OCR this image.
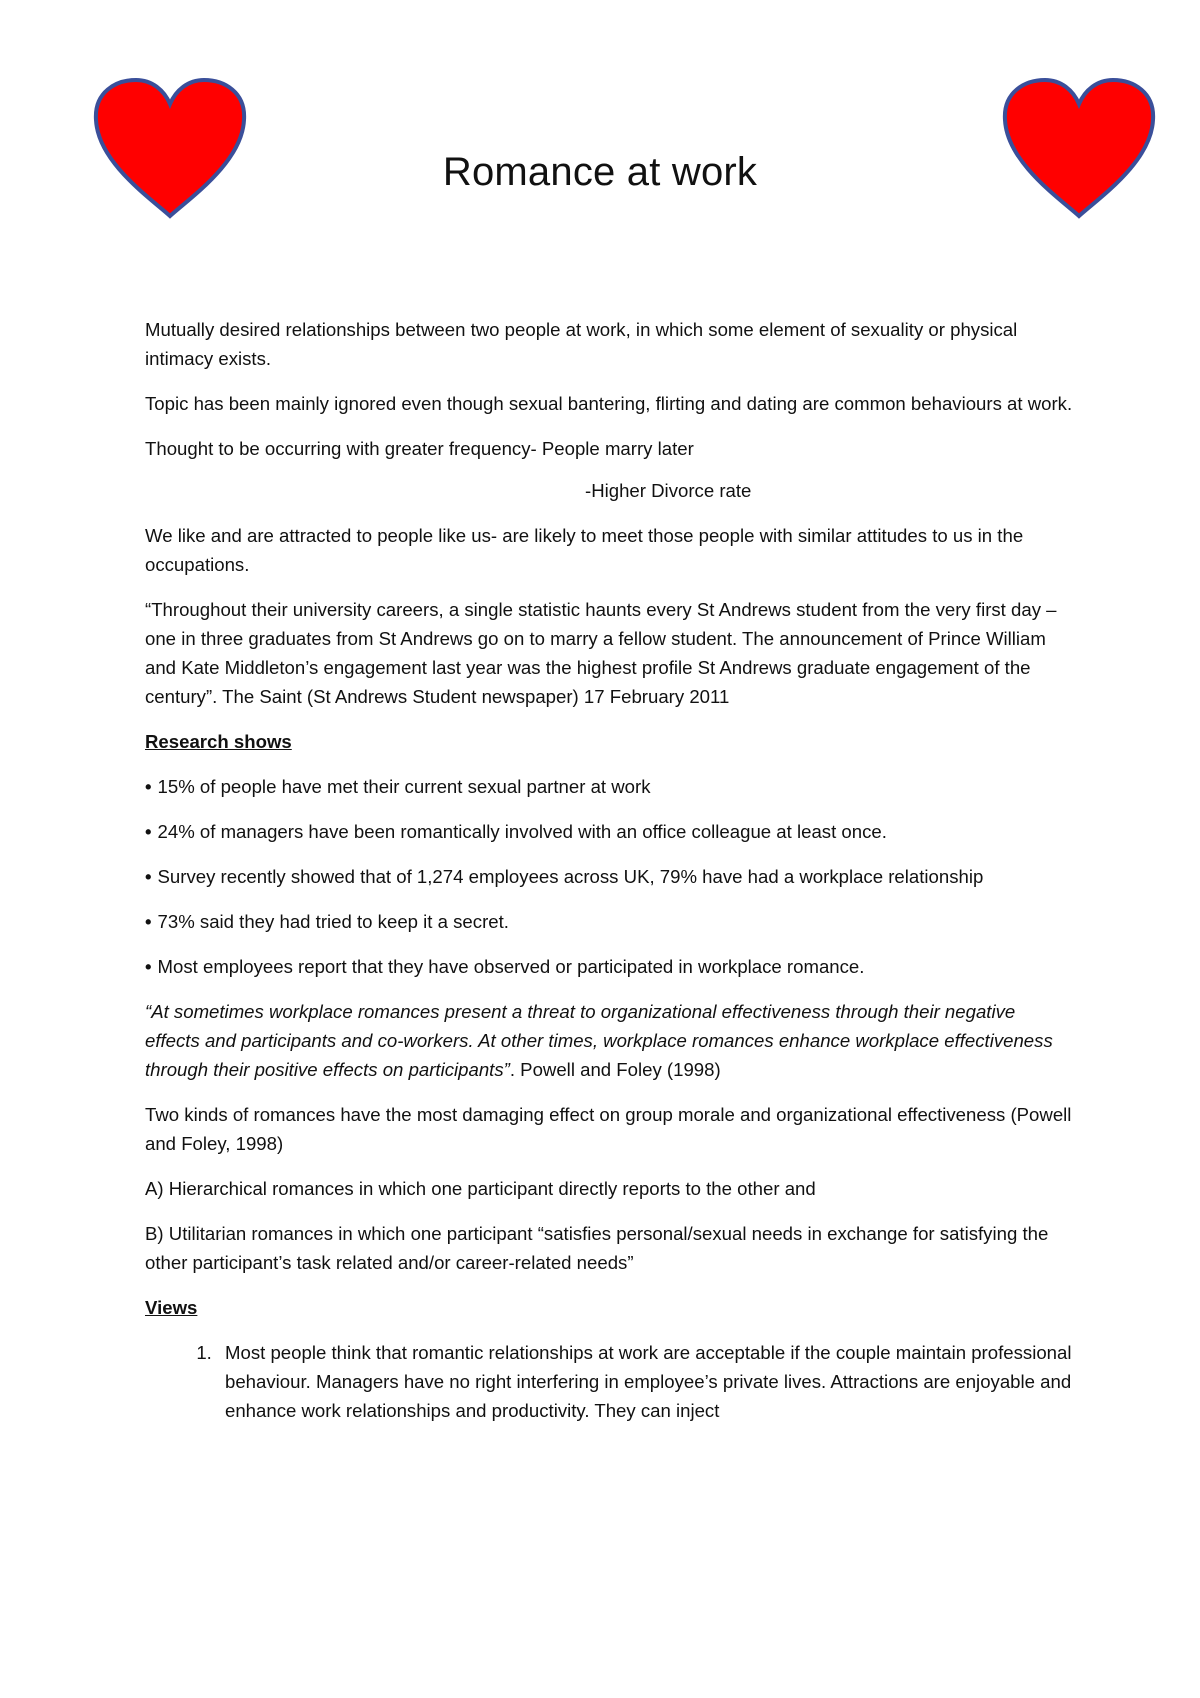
Romance at work

Mutually desired relationships between two people at work, in which some element of sexuality or physical intimacy exists.

Topic has been mainly ignored even though sexual bantering, flirting and dating are common behaviours at work.

Thought to be occurring with greater frequency- People marry later

-Higher Divorce rate

We like and are attracted to people like us- are likely to meet those people with similar attitudes to us in the occupations.

“Throughout their university careers, a single statistic haunts every St Andrews student from the very first day – one in three graduates from St Andrews go on to marry a fellow student. The announcement of Prince William and Kate Middleton’s engagement last year was the highest profile St Andrews graduate engagement of the century”. The Saint (St Andrews Student newspaper) 17 February 2011

Research shows

• 15% of people have met their current sexual partner at work

• 24% of managers have been romantically involved with an office colleague at least once.

• Survey recently showed that of 1,274 employees across UK, 79% have had a workplace relationship

• 73% said they had tried to keep it a secret.

• Most employees report that they have observed or participated in workplace romance.

“At sometimes workplace romances present a threat to organizational effectiveness through their negative effects and participants and co-workers. At other times, workplace romances enhance workplace effectiveness through their positive effects on participants”. Powell and Foley (1998)

Two kinds of romances have the most damaging effect on group morale and organizational effectiveness (Powell and Foley, 1998)

A) Hierarchical romances in which one participant directly reports to the other and

B) Utilitarian romances in which one participant “satisfies personal/sexual needs in exchange for satisfying the other participant’s task related and/or career-related needs”

Views

1. Most people think that romantic relationships at work are acceptable if the couple maintain professional behaviour. Managers have no right interfering in employee’s private lives. Attractions are enjoyable and enhance work relationships and productivity. They can inject
